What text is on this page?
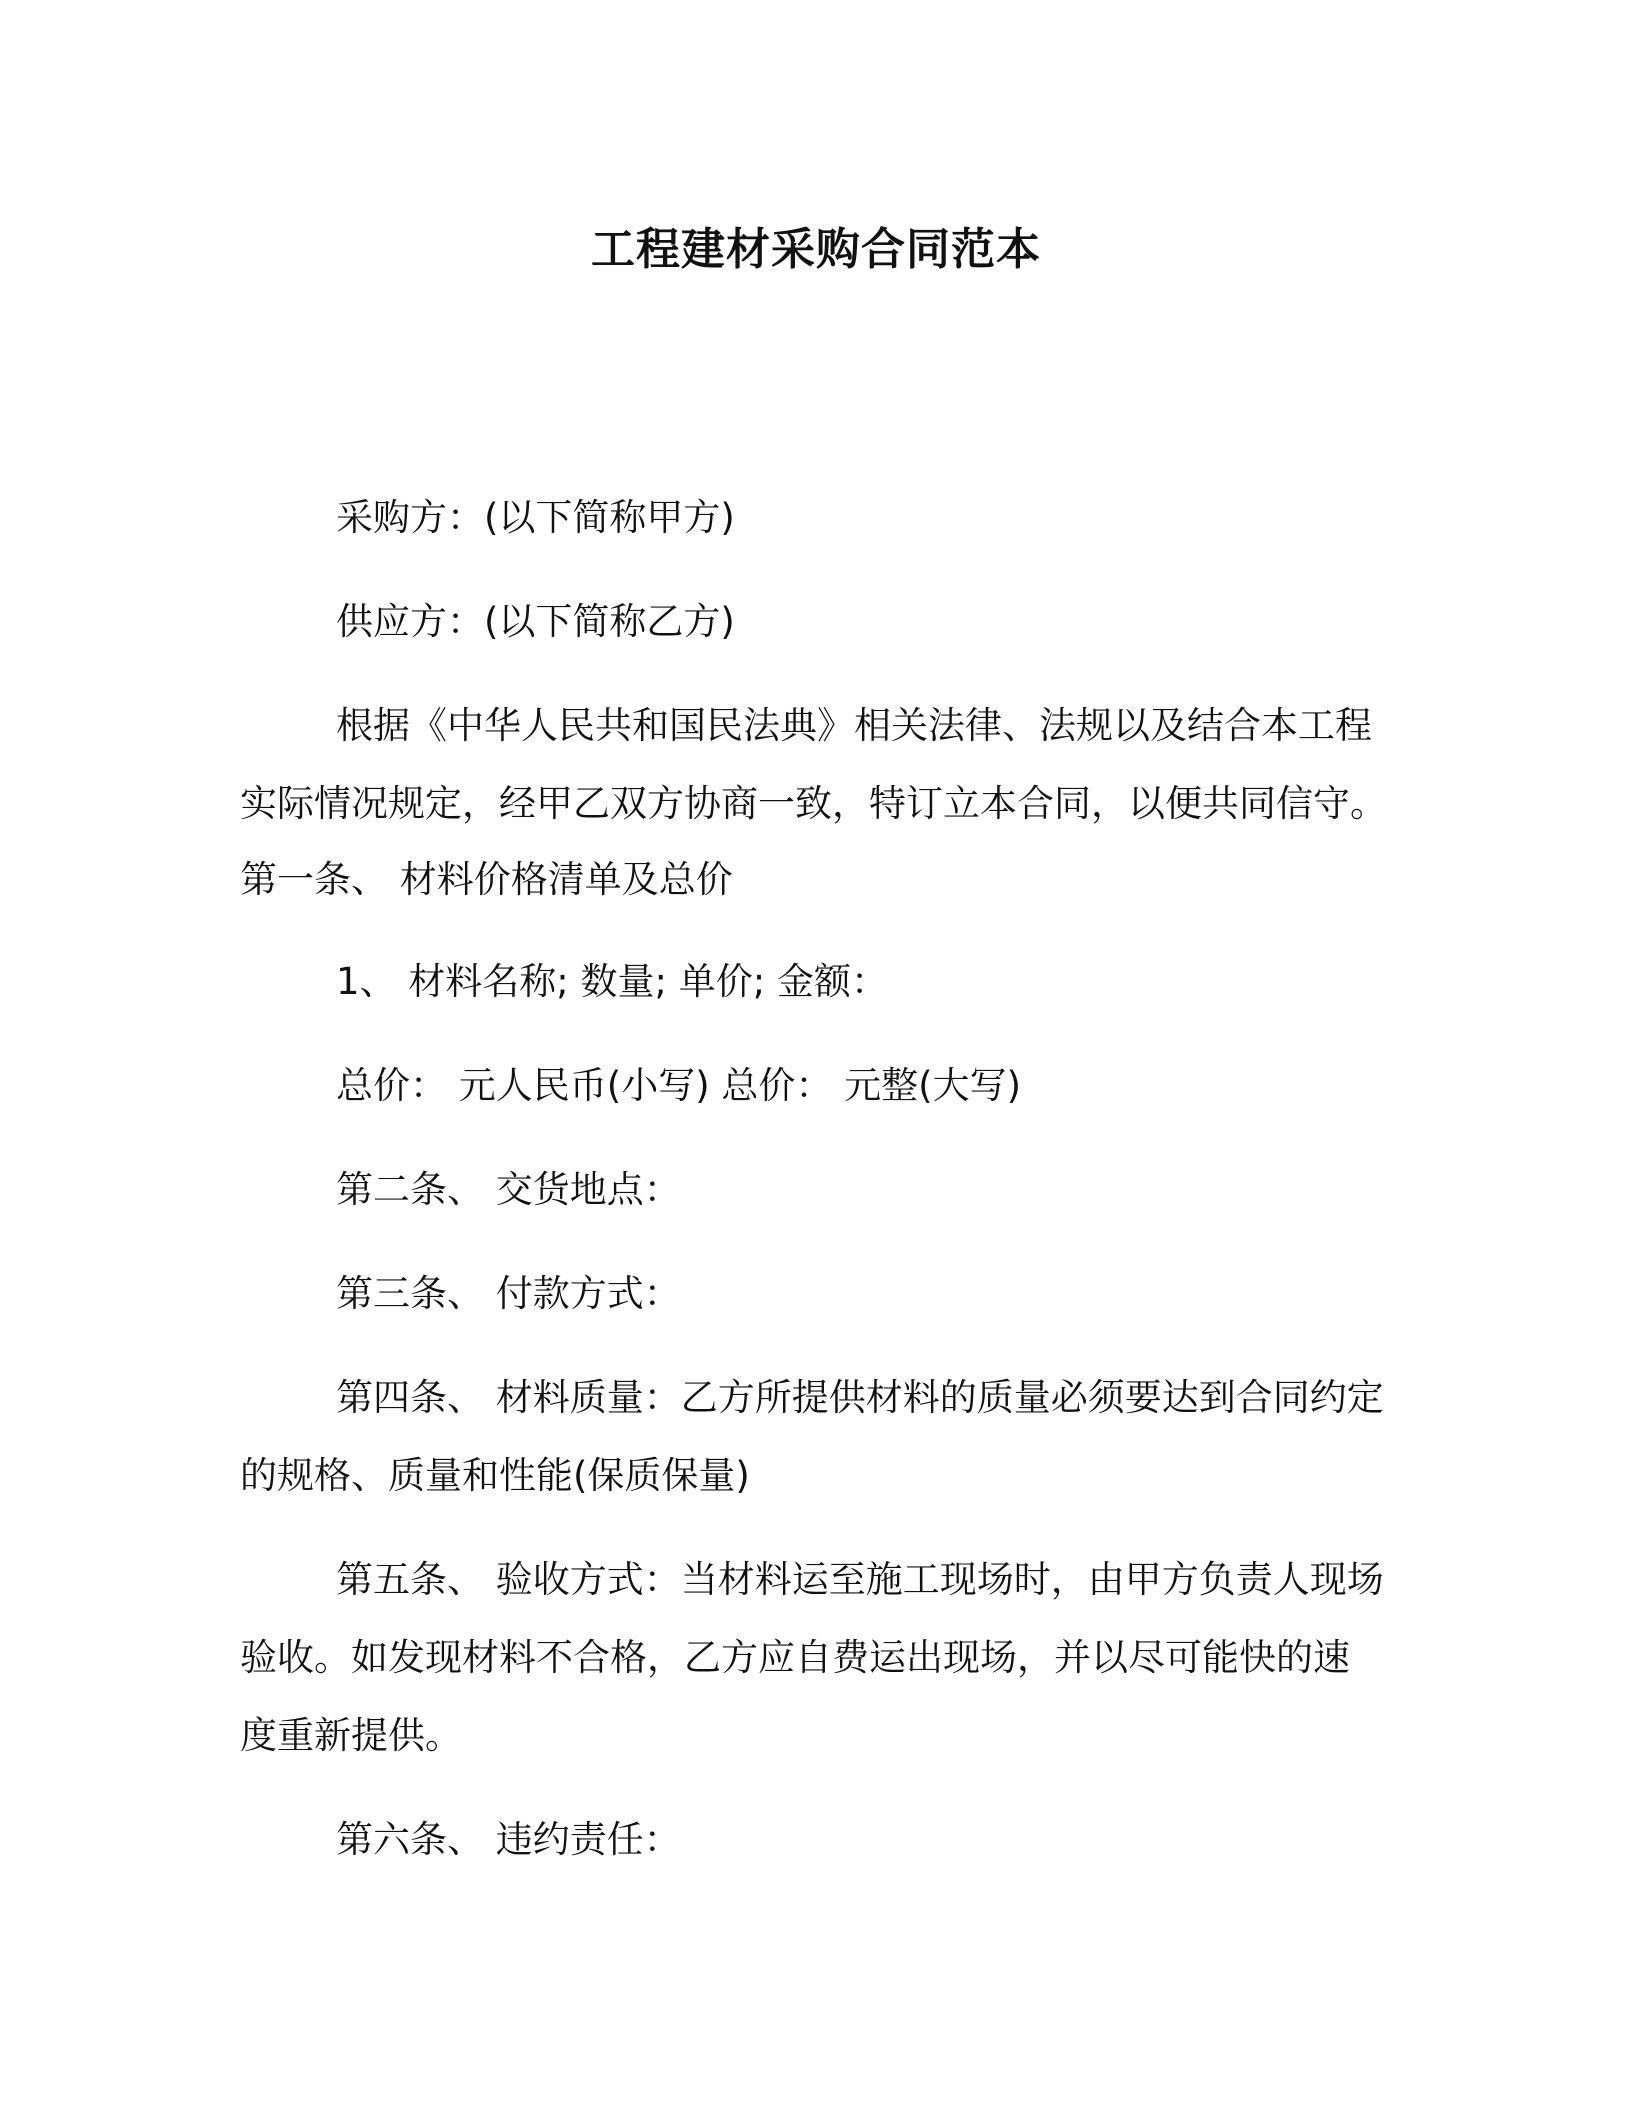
工程建材采购合同范本
采购方：(以下简称甲方)
供应方：(以下简称乙方)
根据《中华人民共和国民法典》相关法律、法规以及结合本工程
实际情况规定，经甲乙双方协商一致，特订立本合同，以便共同信守。
第一条、 材料价格清单及总价
1、 材料名称; 数量; 单价; 金额：
总价： 元人民币(小写) 总价： 元整(大写)
第二条、 交货地点：
第三条、 付款方式：
第四条、 材料质量：乙方所提供材料的质量必须要达到合同约定
的规格、质量和性能(保质保量)
第五条、 验收方式：当材料运至施工现场时，由甲方负责人现场
验收。如发现材料不合格，乙方应自费运出现场，并以尽可能快的速
度重新提供。
第六条、 违约责任：
